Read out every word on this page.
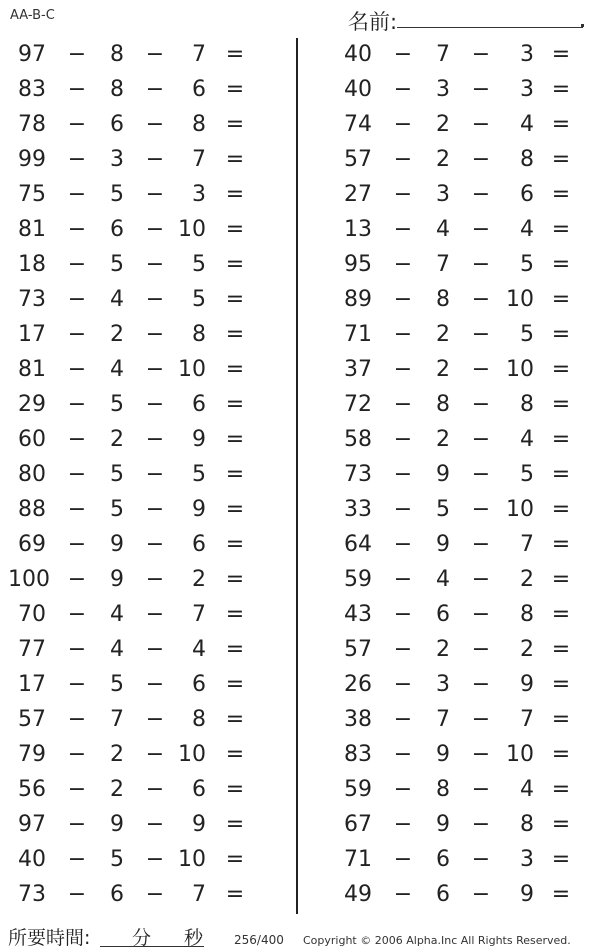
AA-B-C	名前:
97 −	8 −	7 =
83 −	8 −	6 =
78 −	6 −	8 =
99 −	3 −	7 =
75 −	5 −	3 =
81 −	6 − 10 =
18 −	5 −	5 =
73 −	4 −	5 =
17 −	2 −	8 =
81 −	4 − 10 =
29 −	5 −	6 =
60 −	2 −	9 =
80 −	5 −	5 =
88 −	5 −	9 =
69 −	9 −	6 =
100 −	9 −	2 =
70 −	4 −	7 =
77 −	4 −	4 =
17 −	5 −	6 =
57 −	7 −	8 =
79 −	2 − 10 =
56 −	2 −	6 =
97 −	9 −	9 =
40 −	5 − 10 =
73 −	6 −	7 =
40 −	7 −	3 =
40 −	3 −	3 =
74 −	2 −	4 =
57 −	2 −	8 =
27 −	3 −	6 =
13 −	4 −	4 =
95 −	7 −	5 =
89 −	8 − 10 =
71 −	2 −	5 =
37 −	2 − 10 =
72 −	8 −	8 =
58 −	2 −	4 =
73 −	9 −	5 =
33 −	5 − 10 =
64 −	9 −	7 =
59 −	4 −	2 =
43 −	6 −	8 =
57 −	2 −	2 =
26 −	3 −	9 =
38 −	7 −	7 =
83 −	9 − 10 =
59 −	8 −	4 =
67 −	9 −	8 =
71 −	6 −	3 =
49 −	6 −	9 =
所要時間: 分 秒	256/400 Copyright © 2006 Alpha.Inc All Rights Reserved.
